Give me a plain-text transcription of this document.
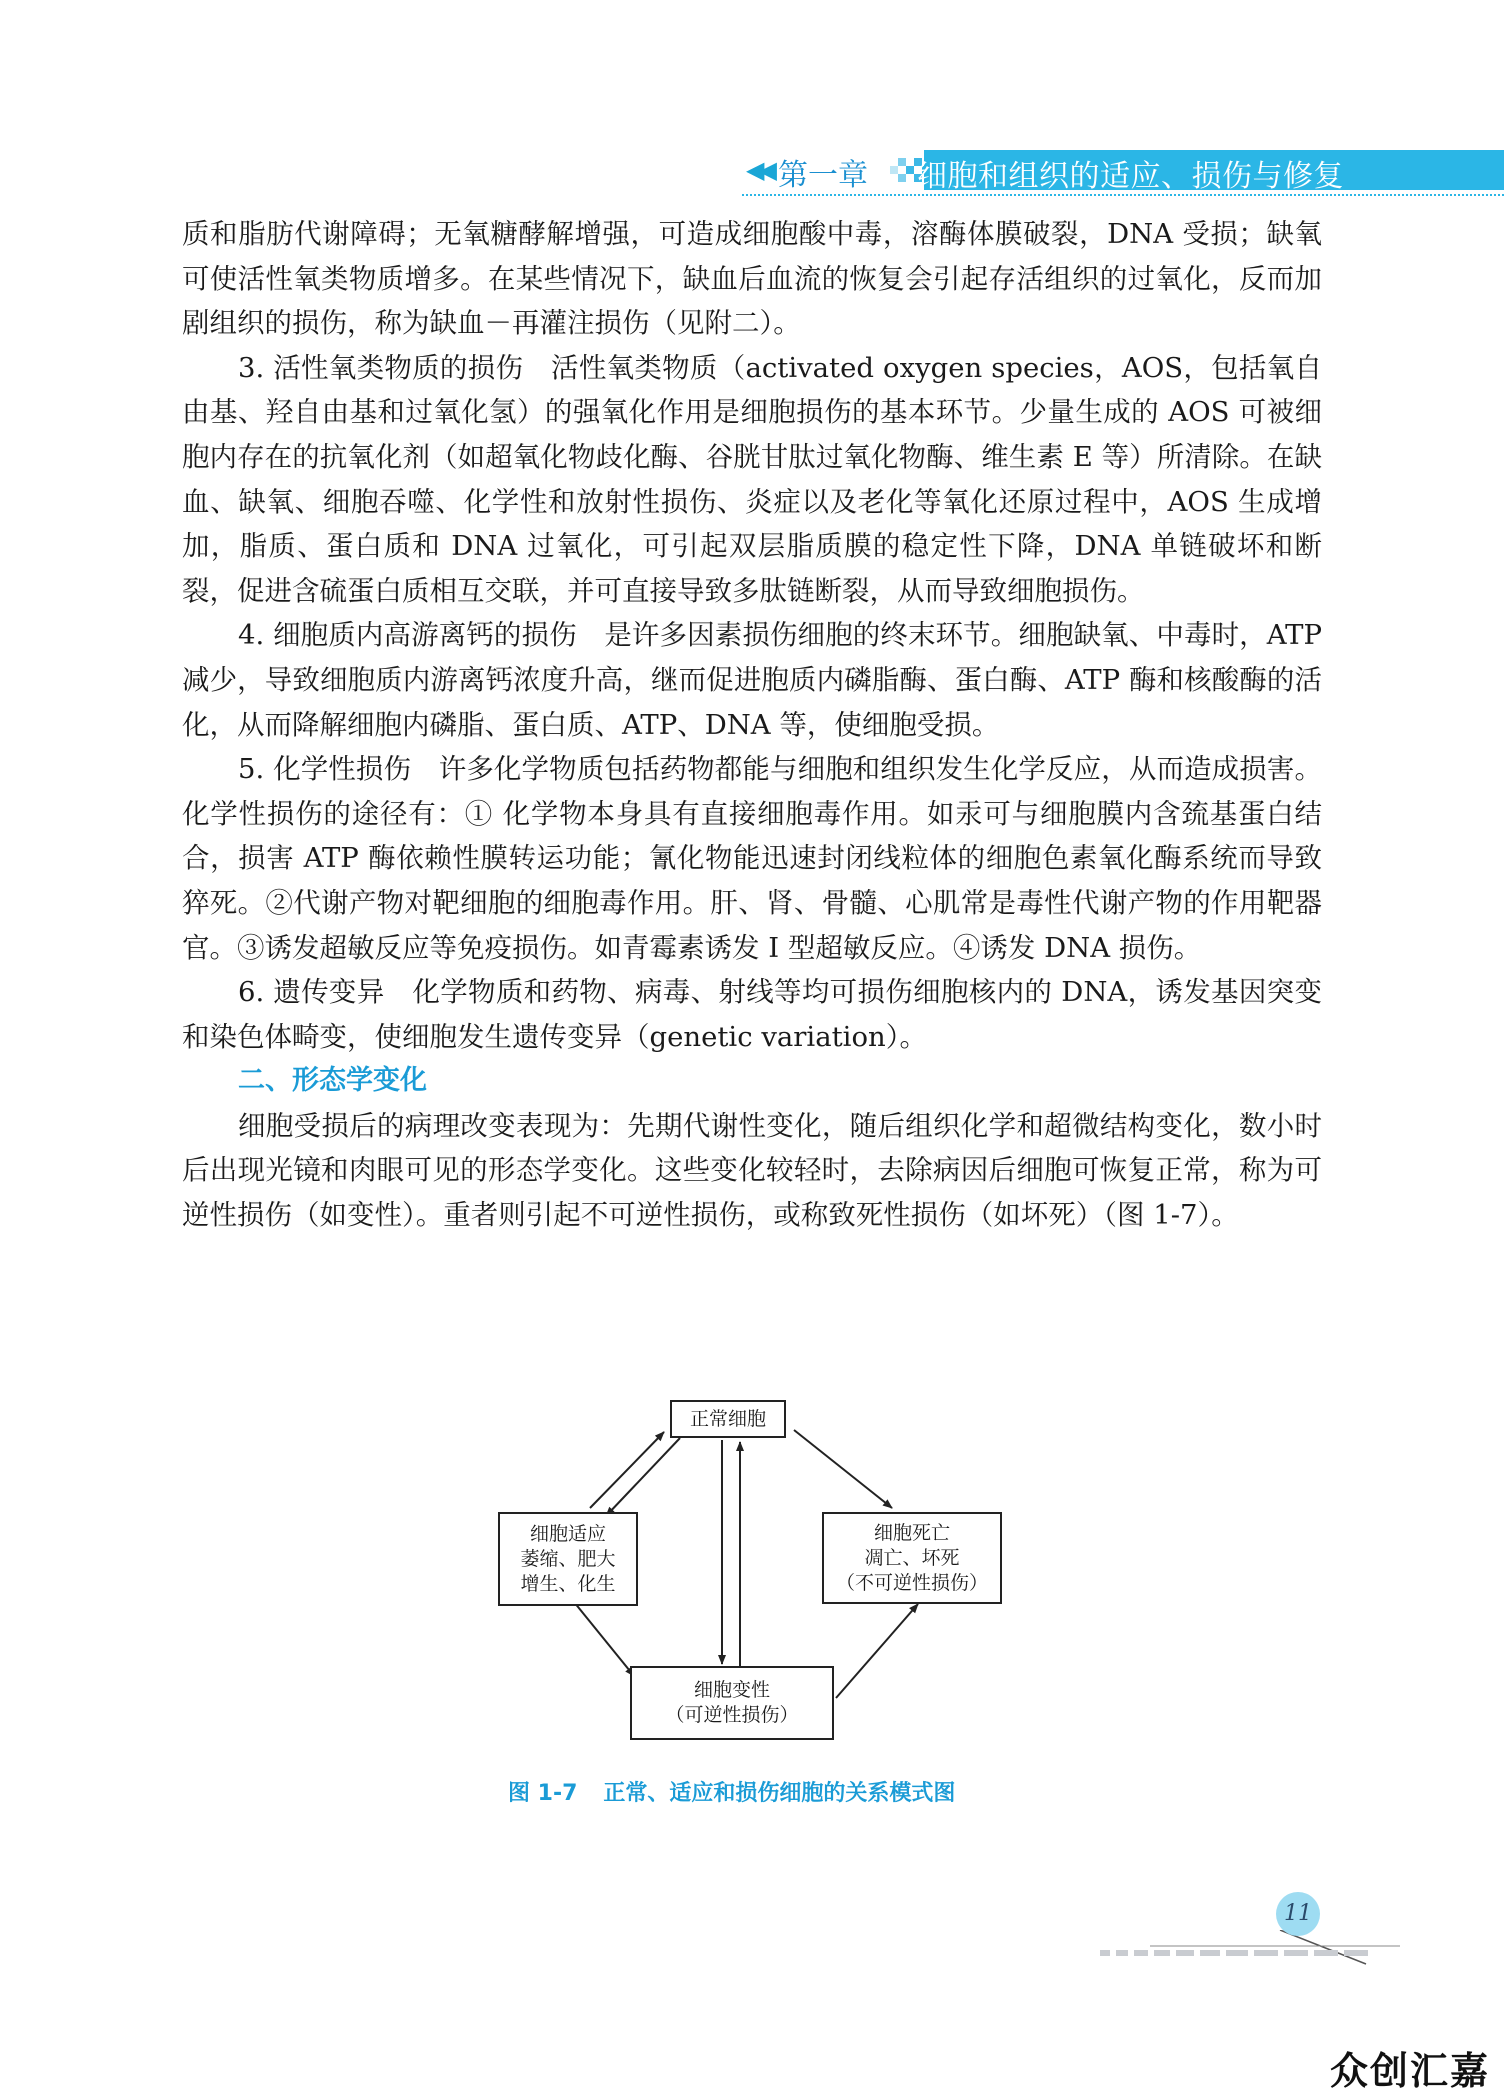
◀◀ 第一章 细胞和组织的适应、损伤与修复

质和脂肪代谢障碍；无氧糖酵解增强，可造成细胞酸中毒，溶酶体膜破裂，DNA 受损；缺氧可使活性氧类物质增多。在某些情况下，缺血后血流的恢复会引起存活组织的过氧化，反而加剧组织的损伤，称为缺血－再灌注损伤（见附二）。

3. 活性氧类物质的损伤　活性氧类物质（activated oxygen species，AOS，包括氧自由基、羟自由基和过氧化氢）的强氧化作用是细胞损伤的基本环节。少量生成的 AOS 可被细胞内存在的抗氧化剂（如超氧化物歧化酶、谷胱甘肽过氧化物酶、维生素 E 等）所清除。在缺血、缺氧、细胞吞噬、化学性和放射性损伤、炎症以及老化等氧化还原过程中，AOS 生成增加，脂质、蛋白质和 DNA 过氧化，可引起双层脂质膜的稳定性下降，DNA 单链破坏和断裂，促进含硫蛋白质相互交联，并可直接导致多肽链断裂，从而导致细胞损伤。

4. 细胞质内高游离钙的损伤　是许多因素损伤细胞的终末环节。细胞缺氧、中毒时，ATP 减少，导致细胞质内游离钙浓度升高，继而促进胞质内磷脂酶、蛋白酶、ATP 酶和核酸酶的活化，从而降解细胞内磷脂、蛋白质、ATP、DNA 等，使细胞受损。

5. 化学性损伤　许多化学物质包括药物都能与细胞和组织发生化学反应，从而造成损害。化学性损伤的途径有：① 化学物本身具有直接细胞毒作用。如汞可与细胞膜内含巯基蛋白结合，损害 ATP 酶依赖性膜转运功能；氰化物能迅速封闭线粒体的细胞色素氧化酶系统而导致猝死。②代谢产物对靶细胞的细胞毒作用。肝、肾、骨髓、心肌常是毒性代谢产物的作用靶器官。③诱发超敏反应等免疫损伤。如青霉素诱发 Ⅰ 型超敏反应。④诱发 DNA 损伤。

6. 遗传变异　化学物质和药物、病毒、射线等均可损伤细胞核内的 DNA，诱发基因突变和染色体畸变，使细胞发生遗传变异（genetic variation）。

二、形态学变化

细胞受损后的病理改变表现为：先期代谢性变化，随后组织化学和超微结构变化，数小时后出现光镜和肉眼可见的形态学变化。这些变化较轻时，去除病因后细胞可恢复正常，称为可逆性损伤（如变性）。重者则引起不可逆性损伤，或称致死性损伤（如坏死）（图 1-7）。

正常细胞
细胞适应
萎缩、肥大
增生、化生
细胞死亡
凋亡、坏死
（不可逆性损伤）
细胞变性
（可逆性损伤）
图 1-7 正常、适应和损伤细胞的关系模式图
11
众创汇嘉
